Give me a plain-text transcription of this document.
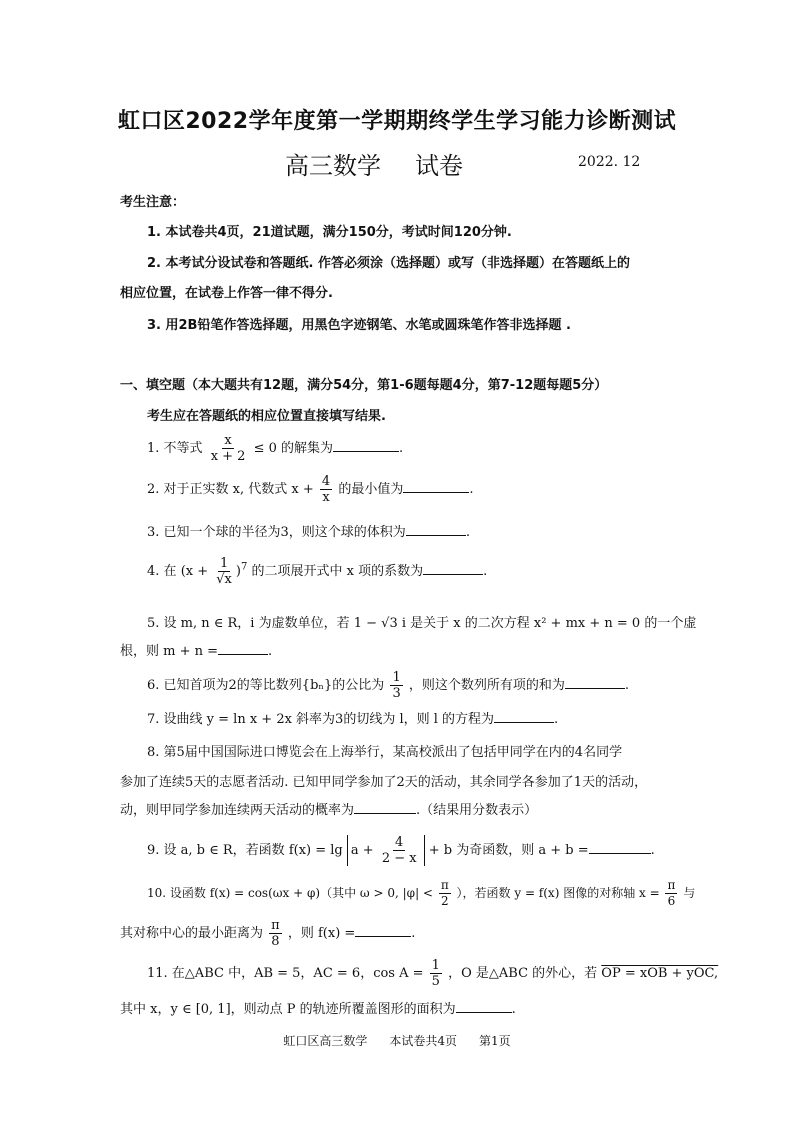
虹口区2022学年度第一学期期终学生学习能力诊断测试
高三数学 试卷	2022. 12
考生注意：
1. 本试卷共4页，21道试题，满分150分，考试时间120分钟.
2. 本考试分设试卷和答题纸. 作答必须涂（选择题）或写（非选择题）在答题纸上的
相应位置，在试卷上作答一律不得分.
3. 用2B铅笔作答选择题，用黑色字迹钢笔、水笔或圆珠笔作答非选择题 .
一、填空题（本大题共有12题，满分54分，第1-6题每题4分，第7-12题每题5分）
考生应在答题纸的相应位置直接填写结果.
1. 不等式 $\frac{x}{x + 2} \le 0$ 的解集为	.
2. 对于正实数 x, 代数式 $x + \frac{4}{x}$ 的最小值为	.
3. 已知一个球的半径为3，则这个球的体积为	.
4. 在 $(x + \frac{1}{√x} )^7$ 的二项展开式中 x 项的系数为	.
5. 设 m, n ∈ R，i 为虚数单位，若 1 − √3 i 是关于 x 的二次方程 x² + mx + n = 0 的一个虚
根，则 m + n =	.
6. 已知首项为2的等比数列{bₙ}的公比为 $\frac{1}{3}$ ，则这个数列所有项的和为	.
7. 设曲线 y = ln x + 2x 斜率为3的切线为 l，则 l 的方程为	.
8. 第5届中国国际进口博览会在上海举行，某高校派出了包括甲同学在内的4名同学
参加了连续5天的志愿者活动. 已知甲同学参加了2天的活动，其余同学各参加了1天的活动，
动，则甲同学参加连续两天活动的概率为	.（结果用分数表示）
9. 设 a, b ∈ R，若函数 $f(x) = \lg a + \frac{4}{2 - x} + b$ 为奇函数，则 a + b =	.
10. 设函数 f(x) = cos(ωx + φ)（其中 ω > 0, $|\varphi| < \frac{\pi}{2}$ ），若函数 y = f(x) 图像的对称轴 $x = \frac{\pi}{6}$ 与
其对称中心的最小距离为 $\frac{\pi}{8}$ ，则 f(x) =	.
11. 在△ABC 中，AB = 5，AC = 6，$\cos A = \frac{1}{5}$ ，O 是△ABC 的外心，若 OP = xOB + yOC,
其中 x，y ∈ [0, 1]，则动点 P 的轨迹所覆盖图形的面积为	.
虹口区高三数学 本试卷共4页 第1页
